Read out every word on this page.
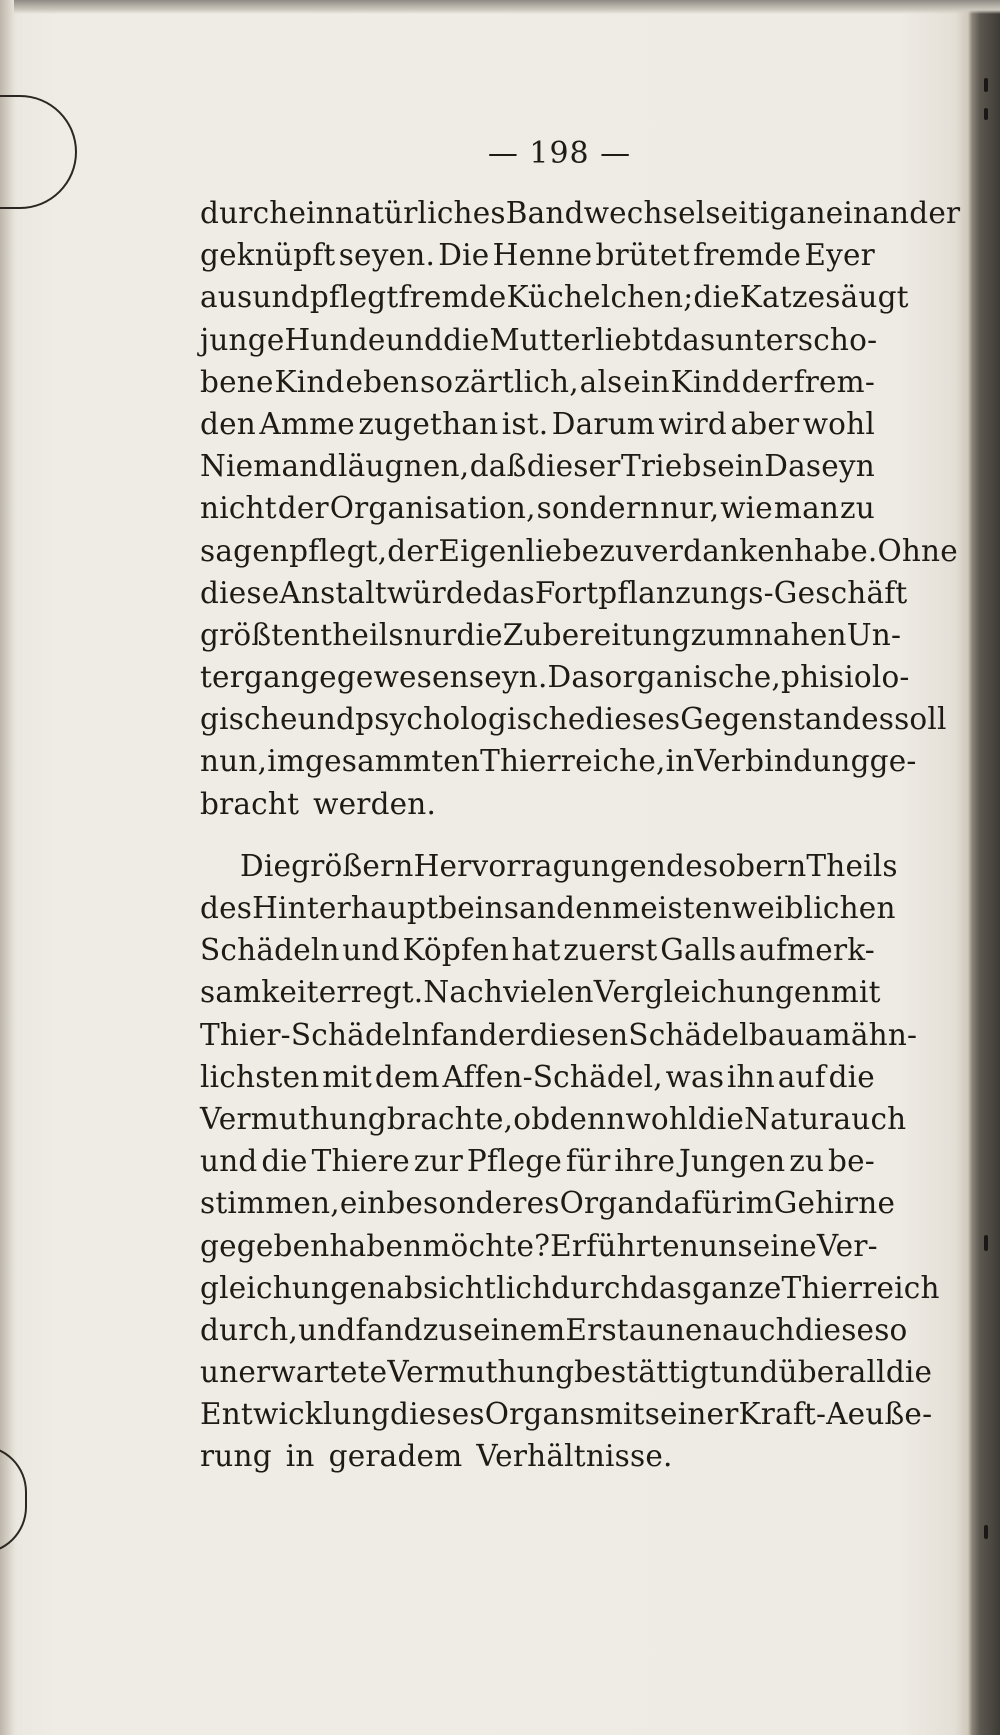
— 198 —
durch ein natürliches Band wechselseitig aneinander
geknüpft seyen. Die Henne brütet fremde Eyer
aus und pflegt fremde Küchelchen; die Katze säugt
junge Hunde und die Mutter liebt das unterscho-
bene Kind eben so zärtlich, als ein Kind der frem-
den Amme zugethan ist. Darum wird aber wohl
Niemand läugnen, daß dieser Trieb sein Daseyn
nicht der Organisation, sondern nur, wie man zu
sagen pflegt, der Eigenliebe zu verdanken habe. Ohne
diese Anstalt würde das Fortpflanzungs-Geschäft
größtentheils nur die Zubereitung zum nahen Un-
tergange gewesen seyn. Das organische, phisiolo-
gische und psychologische dieses Gegenstandes soll
nun, im gesammten Thierreiche, in Verbindung ge-
bracht werden.
Die größern Hervorragungen des obern Theils
des Hinterhauptbeins an den meisten weiblichen
Schädeln und Köpfen hat zuerst Galls aufmerk-
samkeit erregt. Nach vielen Vergleichungen mit
Thier-Schädeln fand er diesen Schädelbau am ähn-
lichsten mit dem Affen-Schädel, was ihn auf die
Vermuthung brachte, ob denn wohl die Natur auch
und die Thiere zur Pflege für ihre Jungen zu be-
stimmen, ein besonderes Organ dafür im Gehirne
gegeben haben möchte? Er führte nun seine Ver-
gleichungen absichtlich durch das ganze Thierreich
durch, und fand zu seinem Erstaunen auch diese so
unerwartete Vermuthung bestättigt und überall die
Entwicklung dieses Organs mit seiner Kraft-Aeuße-
rung in geradem Verhältnisse.
